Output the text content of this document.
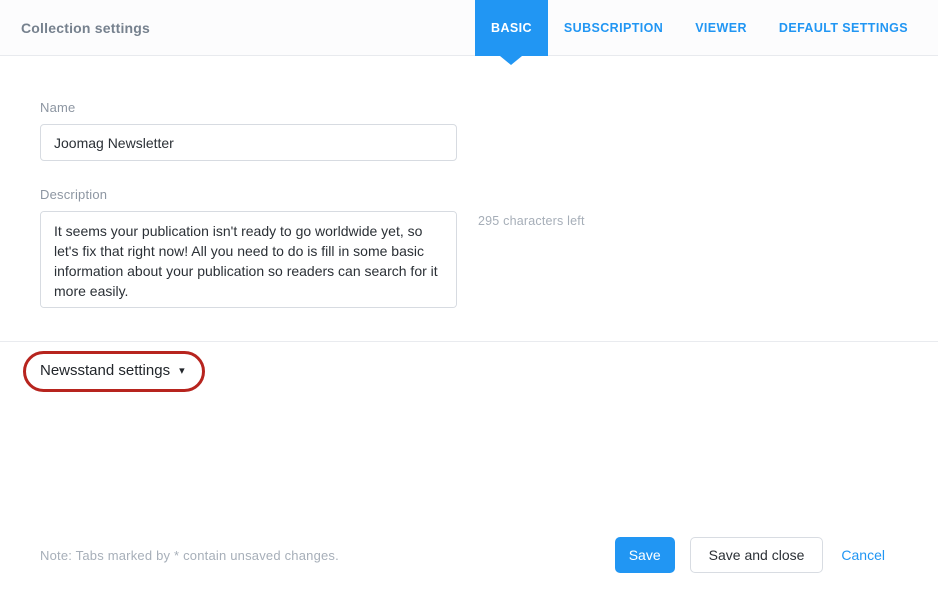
Collection settings	BASIC	SUBSCRIPTION	VIEWER	DEFAULT SETTINGS
Name
Joomag Newsletter
Description
It seems your publication isn't ready to go worldwide yet, so let's fix that right now! All you need to do is fill in some basic information about your publication so readers can search for it more easily.
295 characters left
Newsstand settings ▾
Note: Tabs marked by * contain unsaved changes.	Save	Save and close	Cancel
